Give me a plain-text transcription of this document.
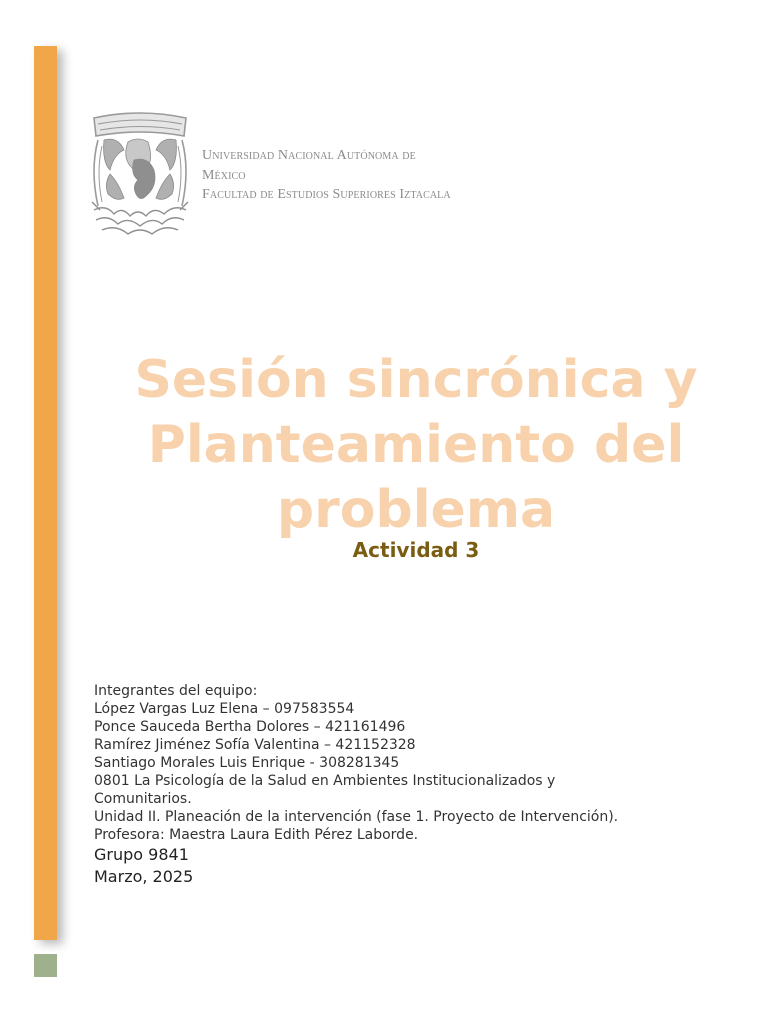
Universidad Nacional Autónoma de
México
Facultad de Estudios Superiores Iztacala
Sesión sincrónica y
Planteamiento del
problema
Actividad 3
Integrantes del equipo:
López Vargas Luz Elena – 097583554
Ponce Sauceda Bertha Dolores – 421161496
Ramírez Jiménez Sofía Valentina – 421152328
Santiago Morales Luis Enrique - 308281345
0801 La Psicología de la Salud en Ambientes Institucionalizados y
Comunitarios.
Unidad II. Planeación de la intervención (fase 1. Proyecto de Intervención).
Profesora: Maestra Laura Edith Pérez Laborde.
Grupo 9841
Marzo, 2025
